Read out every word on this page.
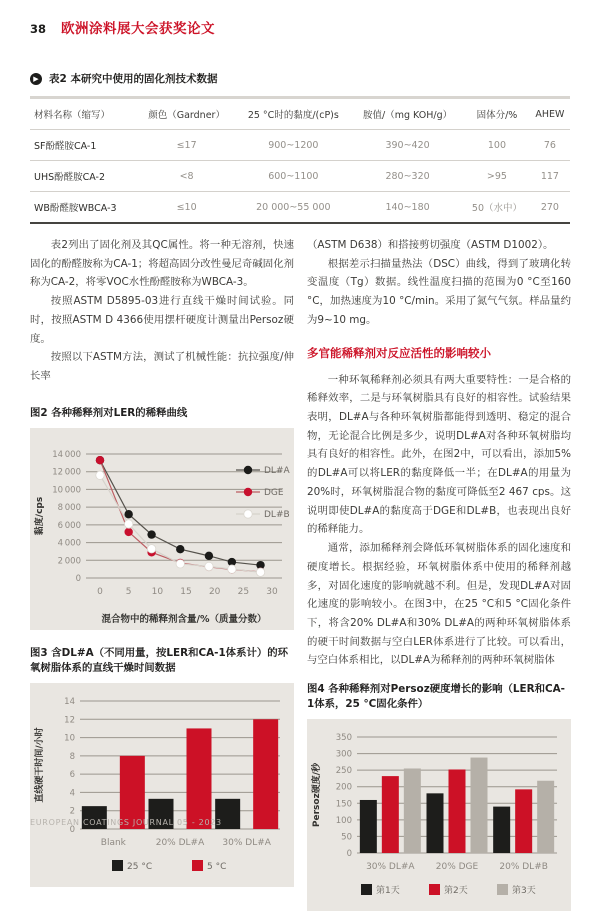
38 欧洲涂料展大会获奖论文
▶ 表2 本研究中使用的固化剂技术数据
材料名称（缩写）	颜色（Gardner）	25 °C时的黏度/(cP)s	胺值/（mg KOH/g）	固体分/%	AHEW
SF酚醛胺CA-1	≤17	900~1200	390~420	100	76
UHS酚醛胺CA-2	<8	600~1100	280~320	>95	117
WB酚醛胺WBCA-3	≤10	20 000~55 000	140~180	50（水中）	270

表2列出了固化剂及其QC属性。将一种无溶剂，快速固化的酚醛胺称为CA-1；将超高固分改性曼尼奇碱固化剂称为CA-2，将零VOC水性酚醛胺称为WBCA-3。

按照ASTM D5895-03进行直线干燥时间试验。同时，按照ASTM D 4366使用摆杆硬度计测量出Persoz硬度。

按照以下ASTM方法，测试了机械性能：抗拉强度/伸长率

图2 各种稀释剂对LER的稀释曲线
0
2 000
4 000
6 000
8 000
10 000
12 000
14 000
0	5 10 15 20 25 30
混合物中的稀释剂含量/%（质量分数）
黏度/cps
DL#A
DGE
DL#B
图3 含DL#A（不同用量，按LER和CA-1体系计）的环氧树脂体系的直线干燥时间数据
0
2
4
6
8
10
12
14
Blank	20% DL#A 30% DL#A
25 °C	5 °C
直线硬干时间/小时

（ASTM D638）和搭接剪切强度（ASTM D1002）。

根据差示扫描量热法（DSC）曲线，得到了玻璃化转变温度（Tg）数据。线性温度扫描的范围为0 °C至160 °C，加热速度为10 °C/min。采用了氮气气氛。样品量约为9~10 mg。

多官能稀释剂对反应活性的影响较小

一种环氧稀释剂必须具有两大重要特性：一是合格的稀释效率，二是与环氧树脂具有良好的相容性。试验结果表明，DL#A与各种环氧树脂都能得到透明、稳定的混合物，无论混合比例是多少，说明DL#A对各种环氧树脂均具有良好的相容性。此外，在图2中，可以看出，添加5%的DL#A可以将LER的黏度降低一半；在DL#A的用量为20%时，环氧树脂混合物的黏度可降低至2 467 cps。这说明即使DL#A的黏度高于DGE和DL#B，也表现出良好的稀释能力。

通常，添加稀释剂会降低环氧树脂体系的固化速度和硬度增长。根据经验，环氧树脂体系中使用的稀释剂越多，对固化速度的影响就越不利。但是，发现DL#A对固化速度的影响较小。在图3中，在25 °C和5 °C固化条件下，将含20% DL#A和30% DL#A的两种环氧树脂体系的硬干时间数据与空白LER体系进行了比较。可以看出，与空白体系相比，以DL#A为稀释剂的两种环氧树脂体

图4 各种稀释剂对Persoz硬度增长的影响（LER和CA-1体系，25 °C固化条件）
0
50
100
150
200
250
300
350
30% DL#A 20% DGE 20% DL#B
第1天	第2天	第3天
Persoz硬度/秒
EUROPEAN COATINGS JOURNAL 05 - 2023
